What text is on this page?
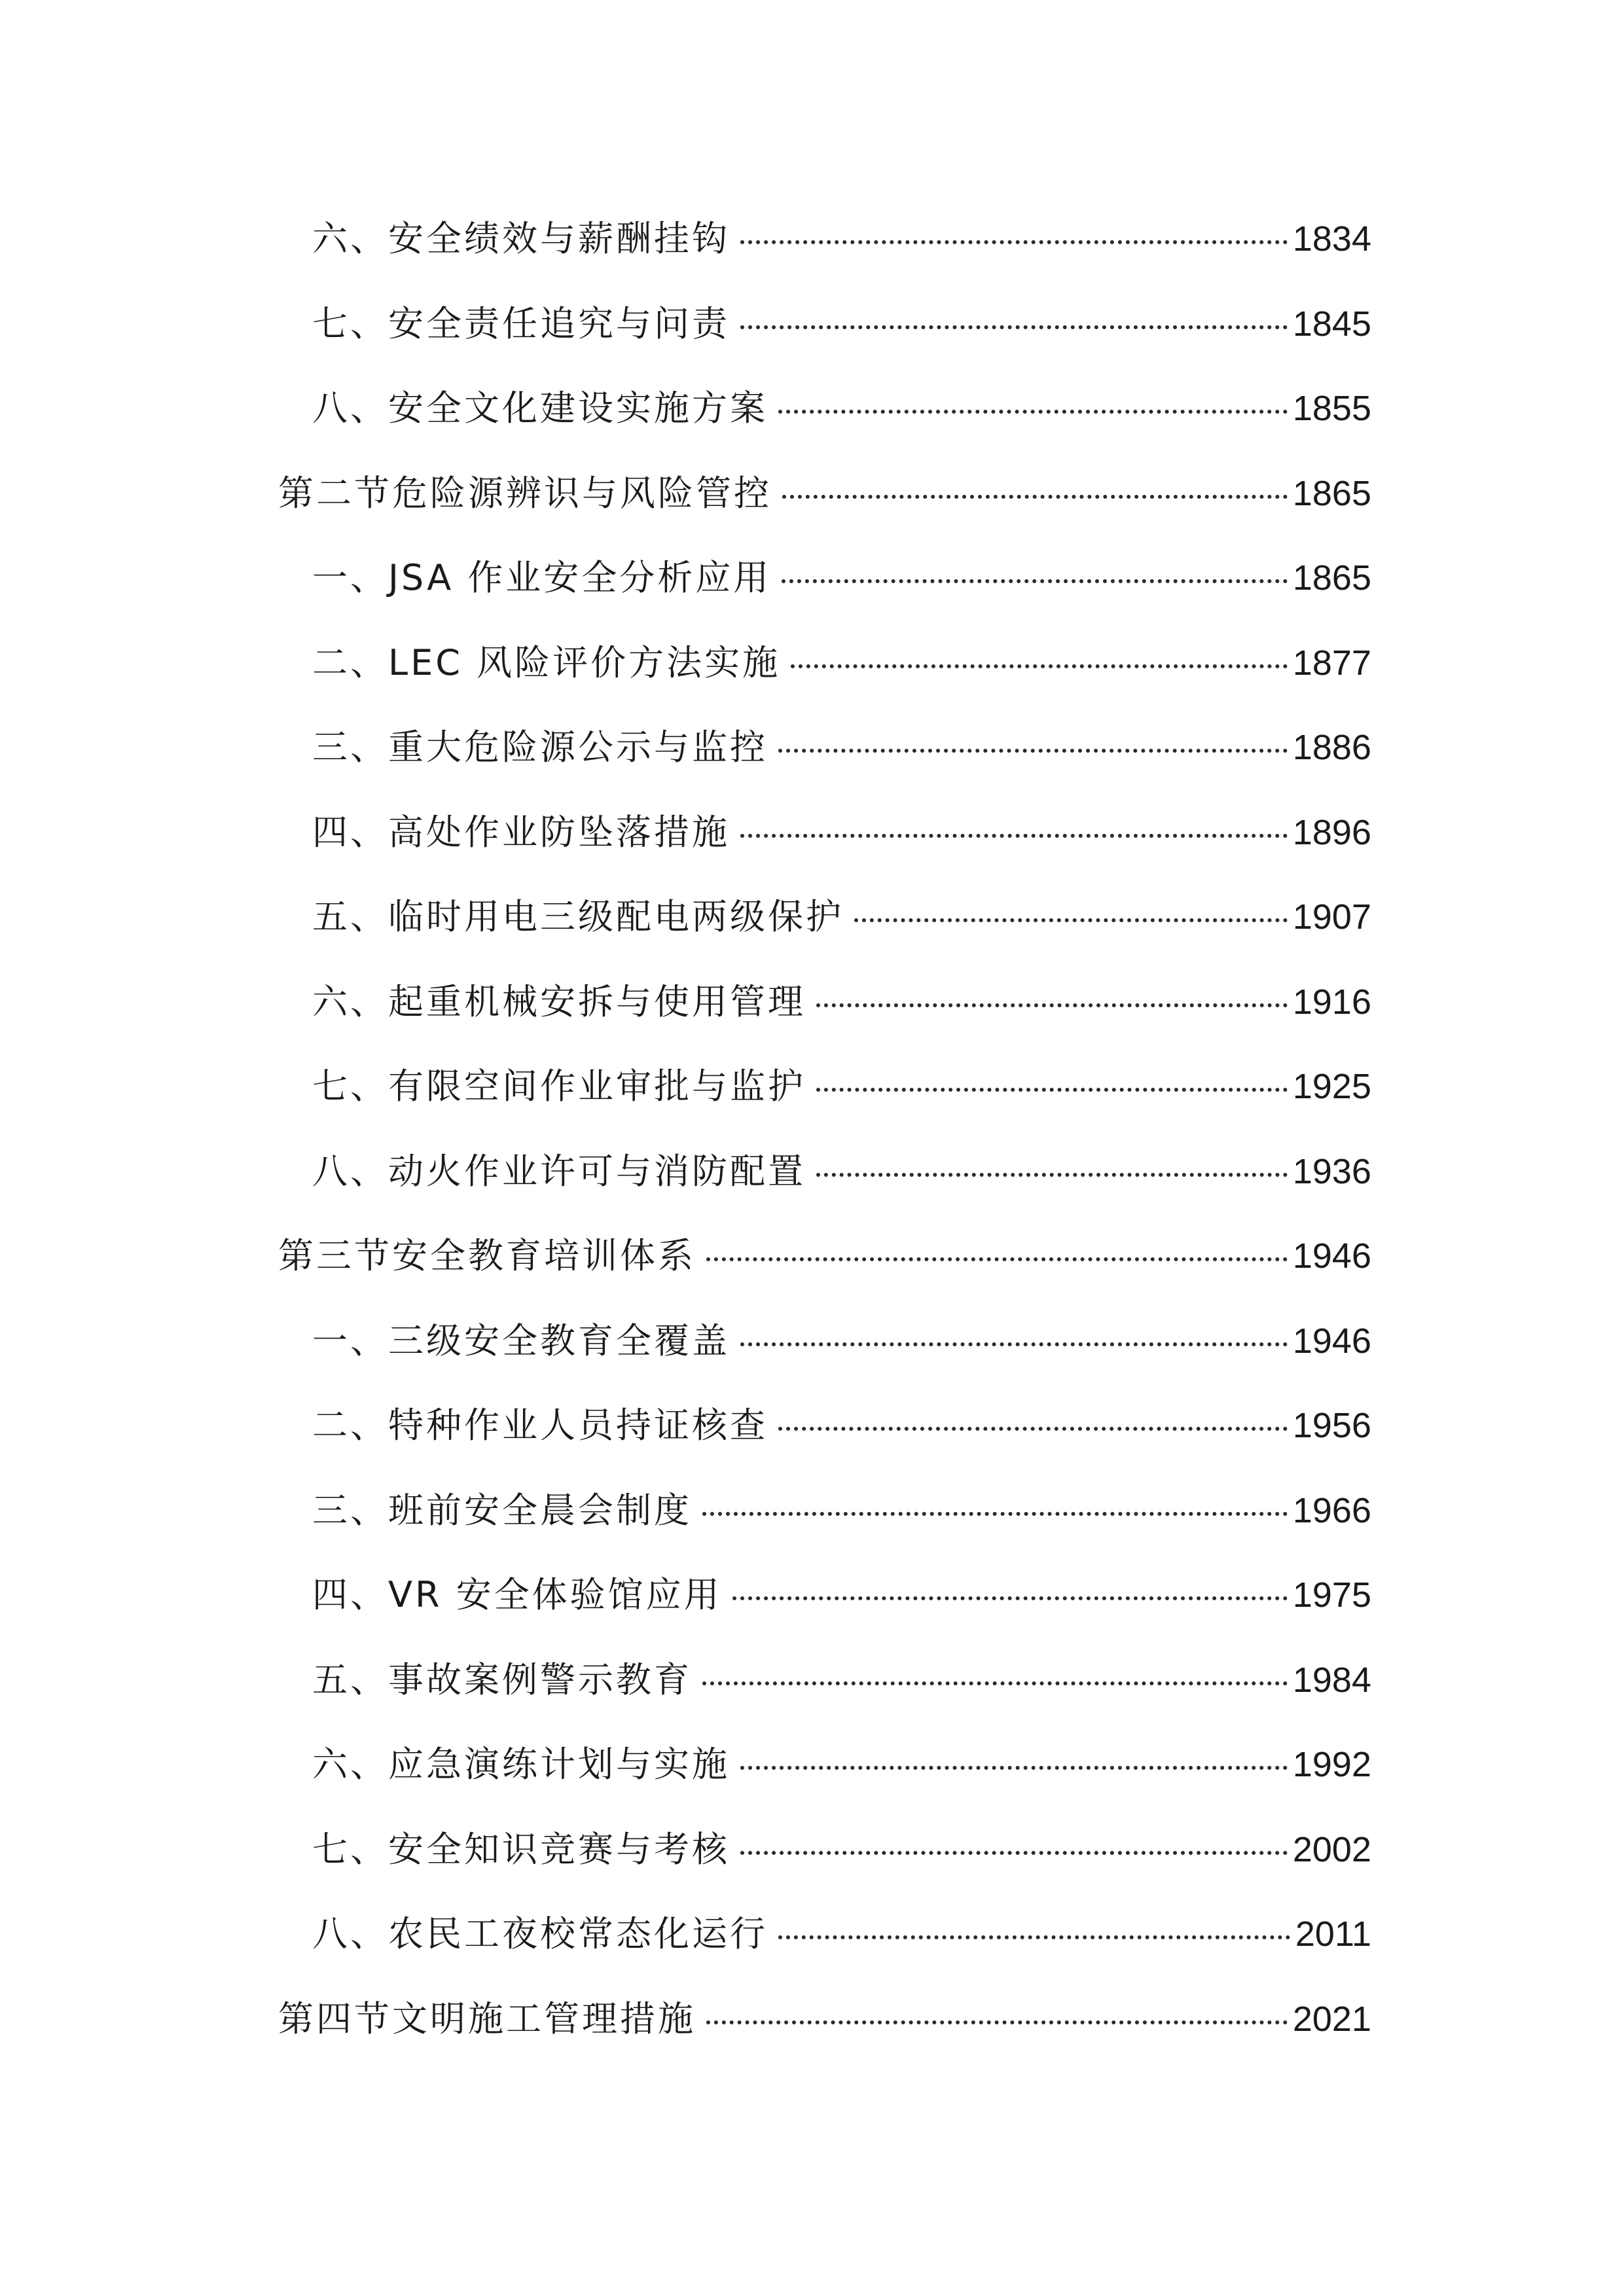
六、安全绩效与薪酬挂钩	1834
七、安全责任追究与问责	1845
八、安全文化建设实施方案	1855
第二节危险源辨识与风险管控	1865
一、JSA 作业安全分析应用	1865
二、LEC 风险评价方法实施	1877
三、重大危险源公示与监控	1886
四、高处作业防坠落措施	1896
五、临时用电三级配电两级保护	1907
六、起重机械安拆与使用管理	1916
七、有限空间作业审批与监护	1925
八、动火作业许可与消防配置	1936
第三节安全教育培训体系	1946
一、三级安全教育全覆盖	1946
二、特种作业人员持证核查	1956
三、班前安全晨会制度	1966
四、VR 安全体验馆应用	1975
五、事故案例警示教育	1984
六、应急演练计划与实施	1992
七、安全知识竞赛与考核	2002
八、农民工夜校常态化运行	2011
第四节文明施工管理措施	2021
